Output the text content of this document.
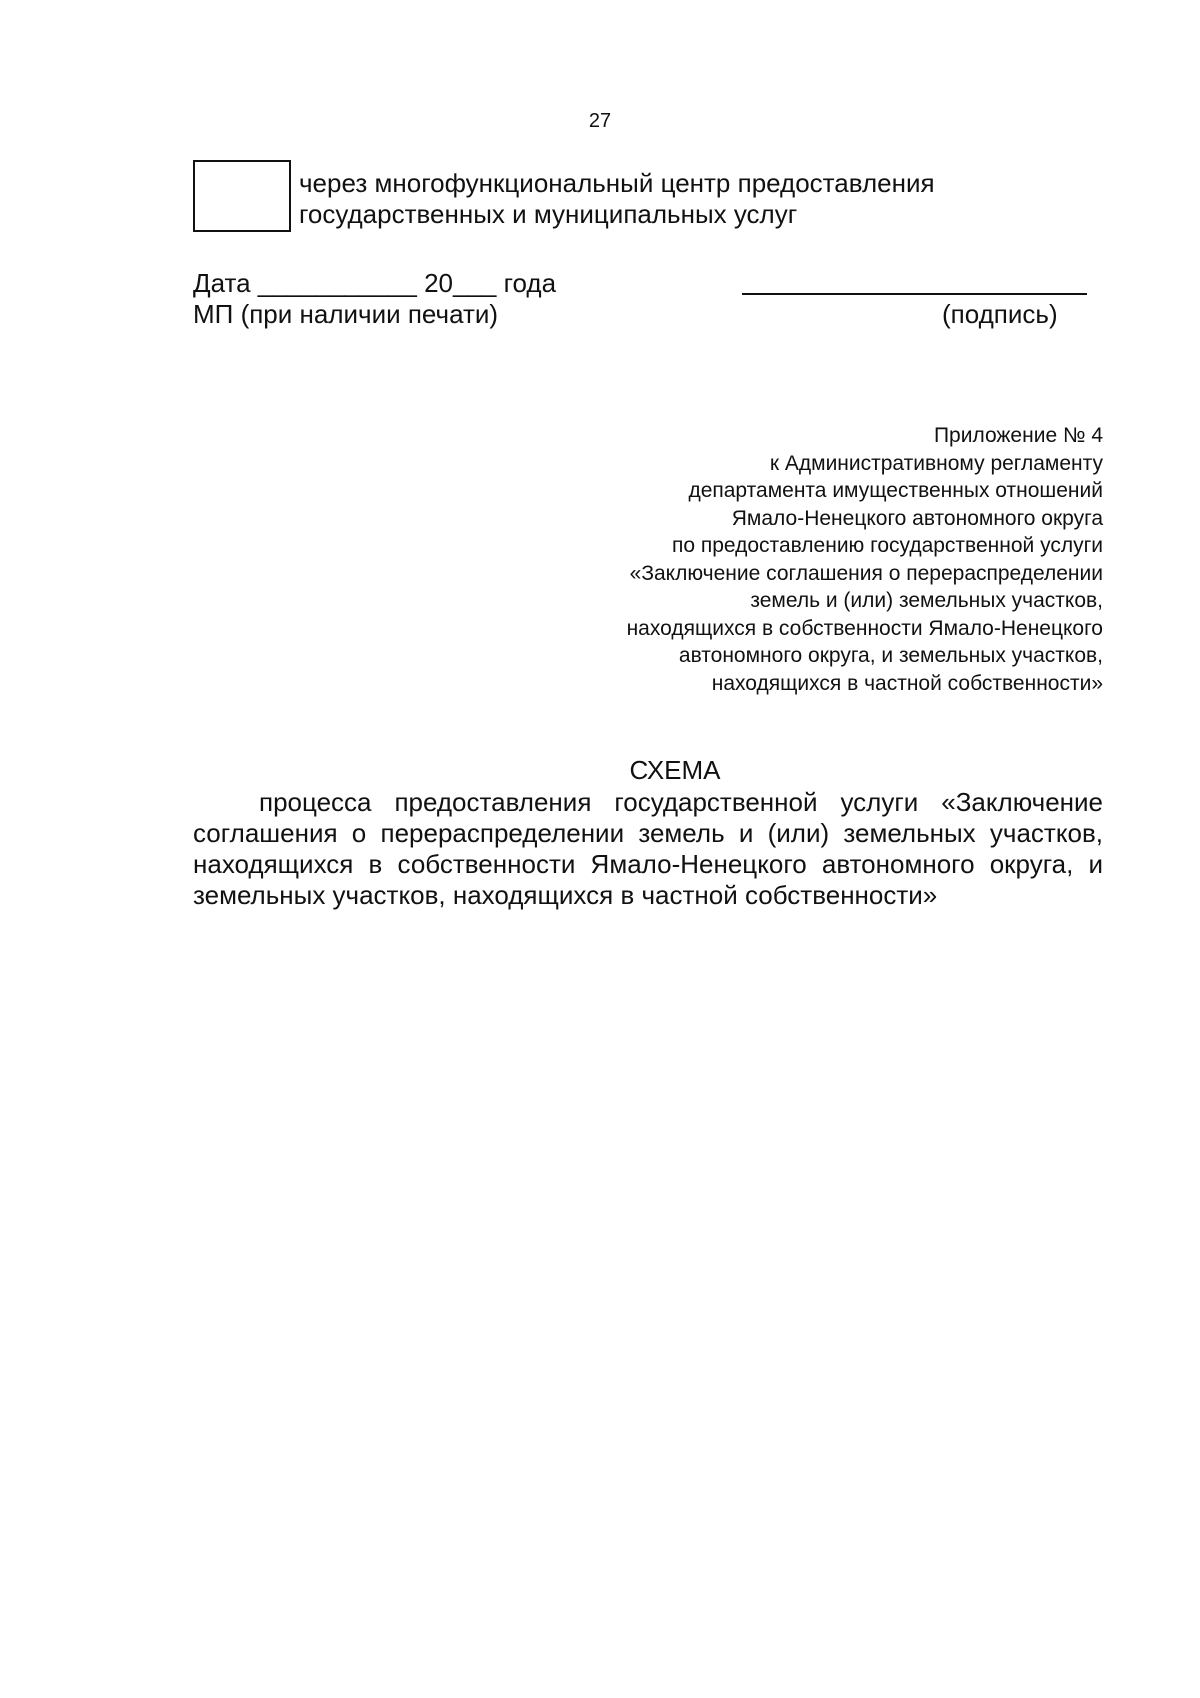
27
через многофункциональный центр предоставления
государственных и муниципальных услуг
Дата ___________ 20___ года
МП (при наличии печати)	(подпись)
Приложение № 4
к Административному регламенту
департамента имущественных отношений
Ямало-Ненецкого автономного округа
по предоставлению государственной услуги
«Заключение соглашения о перераспределении
земель и (или) земельных участков,
находящихся в собственности Ямало-Ненецкого
автономного округа, и земельных участков,
находящихся в частной собственности»
СХЕМА

процесса предоставления государственной услуги «Заключение соглашения о перераспределении земель и (или) земельных участков, находящихся в собственности Ямало-Ненецкого автономного округа, и земельных участков, находящихся в частной собственности»
